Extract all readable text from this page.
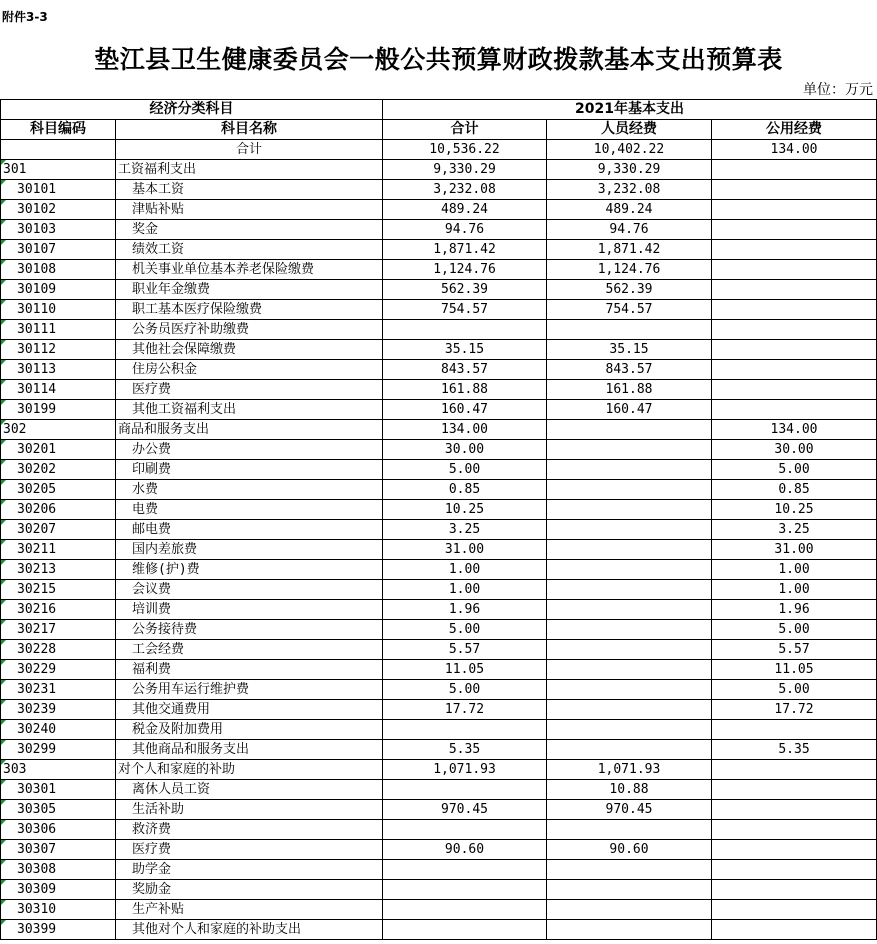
附件3-3
垫江县卫生健康委员会一般公共预算财政拨款基本支出预算表
单位：万元
经济分类科目		2021年基本支出		
科目编码	科目名称	合计	人员经费	公用经费
	合计	10,536.22	10,402.22	134.00

301	工资福利支出	9,330.29	9,330.29	

30101	基本工资	3,232.08	3,232.08	

30102	津贴补贴	489.24	489.24	

30103	奖金	94.76	94.76	

30107	绩效工资	1,871.42	1,871.42	

30108	机关事业单位基本养老保险缴费	1,124.76	1,124.76	

30109	职业年金缴费	562.39	562.39	

30110	职工基本医疗保险缴费	754.57	754.57	

30111	公务员医疗补助缴费			

30112	其他社会保障缴费	35.15	35.15	

30113	住房公积金	843.57	843.57	

30114	医疗费	161.88	161.88	

30199	其他工资福利支出	160.47	160.47	

302	商品和服务支出	134.00		134.00

30201	办公费	30.00		30.00

30202	印刷费	5.00		5.00

30205	水费	0.85		0.85

30206	电费	10.25		10.25

30207	邮电费	3.25		3.25

30211	国内差旅费	31.00		31.00

30213	维修(护)费	1.00		1.00

30215	会议费	1.00		1.00

30216	培训费	1.96		1.96

30217	公务接待费	5.00		5.00

30228	工会经费	5.57		5.57

30229	福利费	11.05		11.05

30231	公务用车运行维护费	5.00		5.00

30239	其他交通费用	17.72		17.72

30240	税金及附加费用			

30299	其他商品和服务支出	5.35		5.35

303	对个人和家庭的补助	1,071.93	1,071.93	

30301	离休人员工资		10.88	

30305	生活补助	970.45	970.45	

30306	救济费			

30307	医疗费	90.60	90.60	

30308	助学金			

30309	奖励金			

30310	生产补贴			

30399	其他对个人和家庭的补助支出			
